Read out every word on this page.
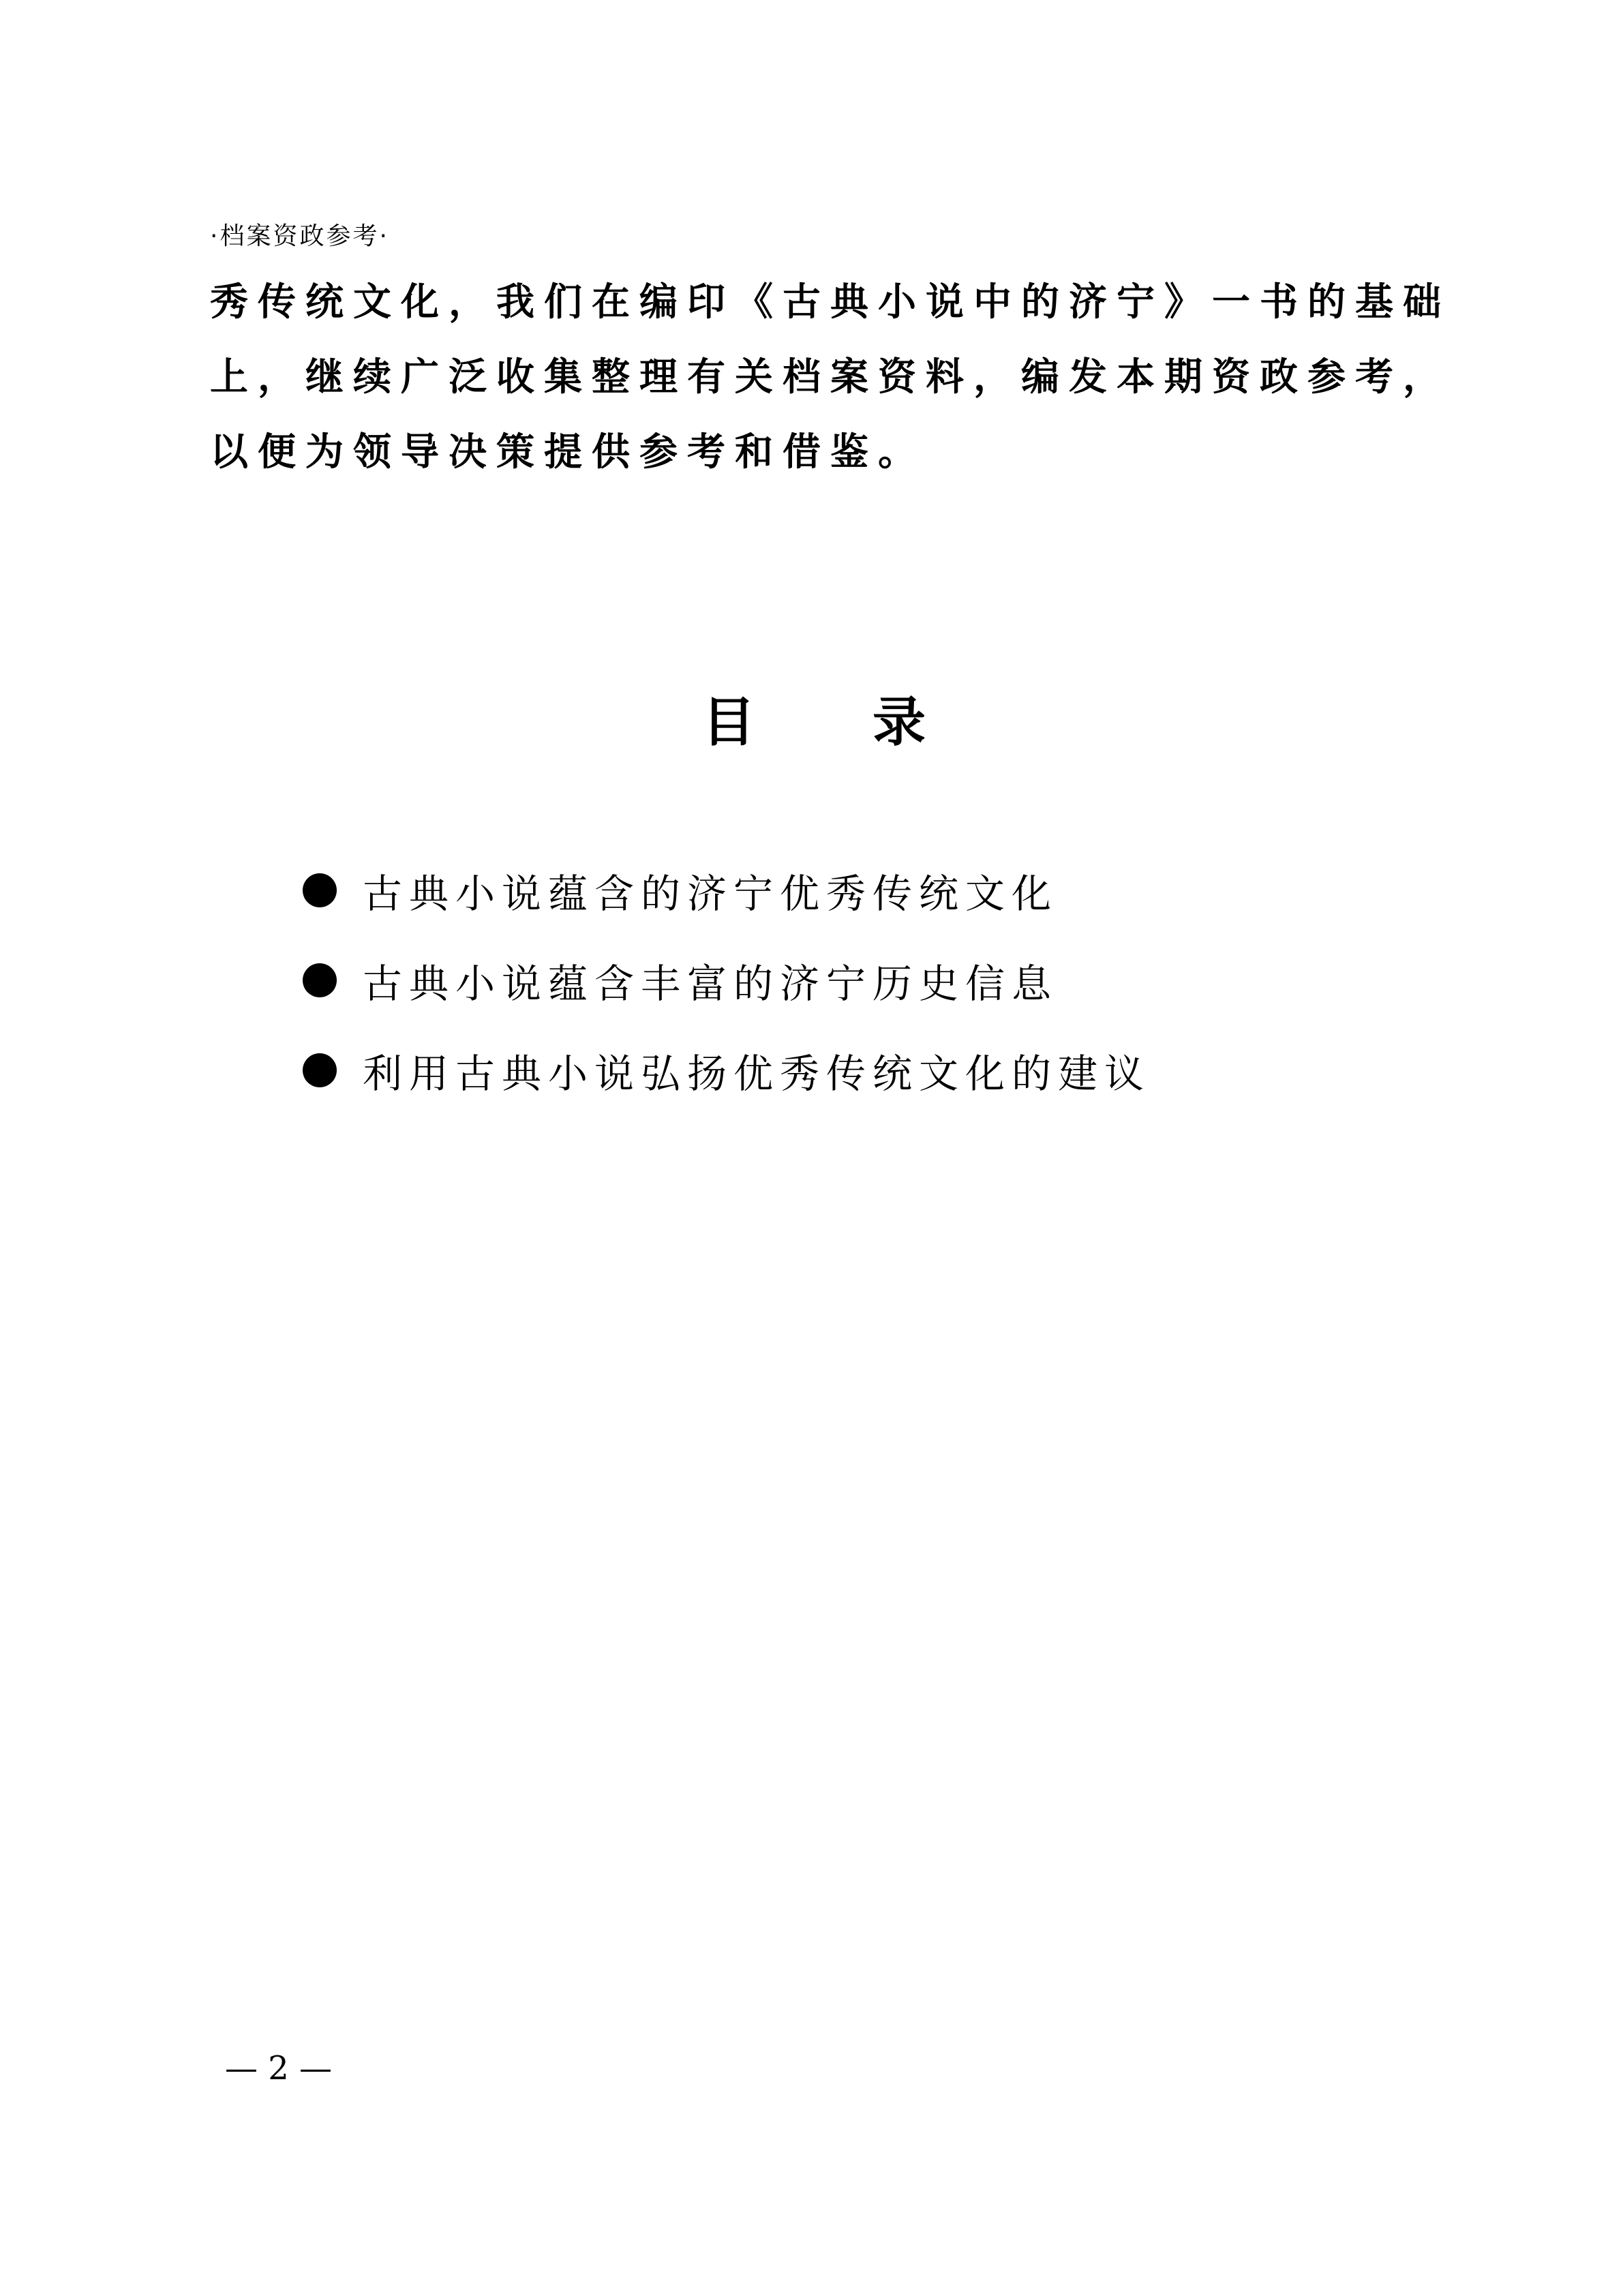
·档案资政参考·
秀传统文化，我们在编印《古典小说中的济宁》一书的基础
上，继续广泛收集整理有关档案资料，编发本期资政参考，
以便为领导决策提供参考和借鉴。
目 录
古典小说蕴含的济宁优秀传统文化
古典小说蕴含丰富的济宁历史信息
利用古典小说弘扬优秀传统文化的建议
— 2 —
